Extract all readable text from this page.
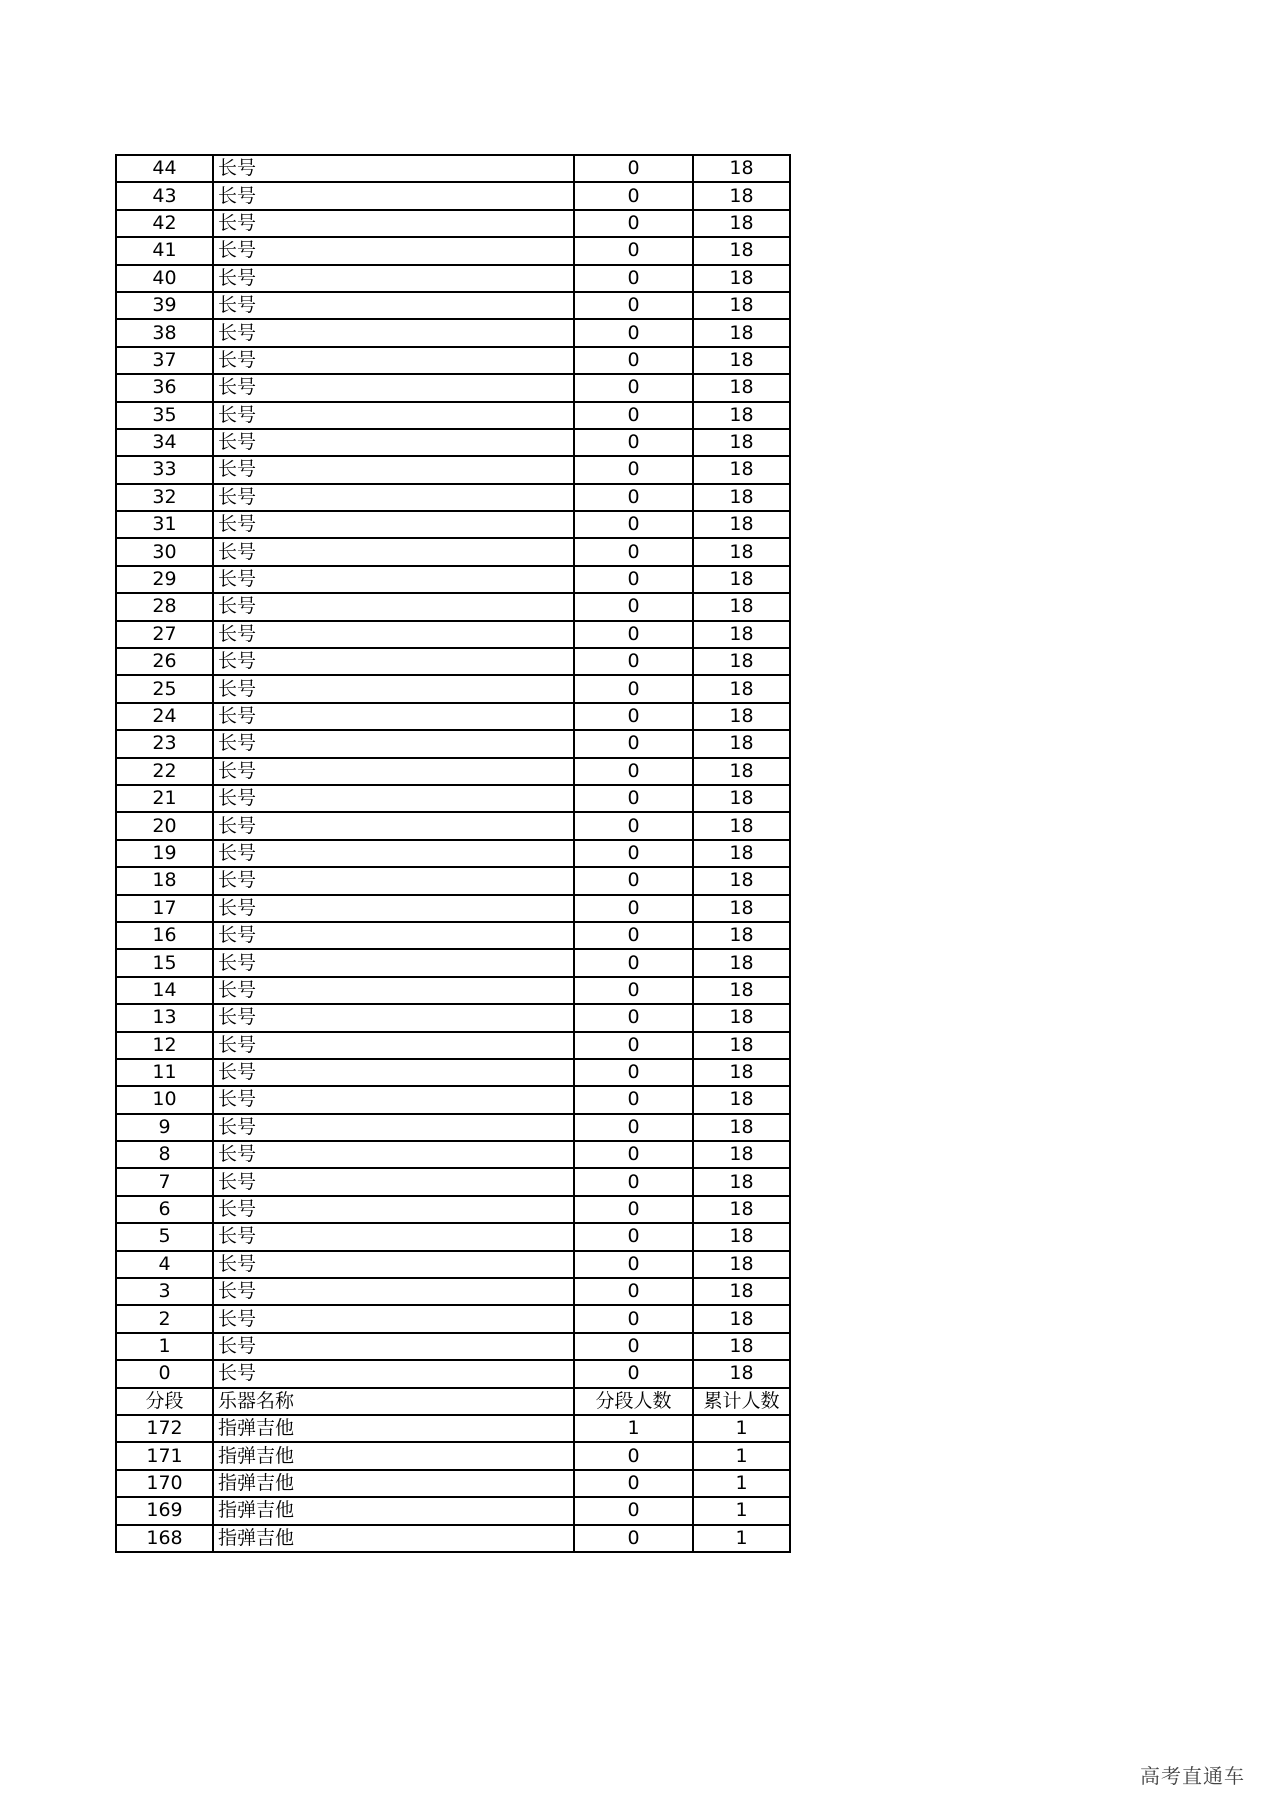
44	长号	0	18
43	长号	0	18
42	长号	0	18
41	长号	0	18
40	长号	0	18
39	长号	0	18
38	长号	0	18
37	长号	0	18
36	长号	0	18
35	长号	0	18
34	长号	0	18
33	长号	0	18
32	长号	0	18
31	长号	0	18
30	长号	0	18
29	长号	0	18
28	长号	0	18
27	长号	0	18
26	长号	0	18
25	长号	0	18
24	长号	0	18
23	长号	0	18
22	长号	0	18
21	长号	0	18
20	长号	0	18
19	长号	0	18
18	长号	0	18
17	长号	0	18
16	长号	0	18
15	长号	0	18
14	长号	0	18
13	长号	0	18
12	长号	0	18
11	长号	0	18
10	长号	0	18
9	长号	0	18
8	长号	0	18
7	长号	0	18
6	长号	0	18
5	长号	0	18
4	长号	0	18
3	长号	0	18
2	长号	0	18
1	长号	0	18
0	长号	0	18
分段	乐器名称	分段人数	累计人数
172	指弹吉他	1	1
171	指弹吉他	0	1
170	指弹吉他	0	1
169	指弹吉他	0	1
168	指弹吉他	0	1
高考直通车
